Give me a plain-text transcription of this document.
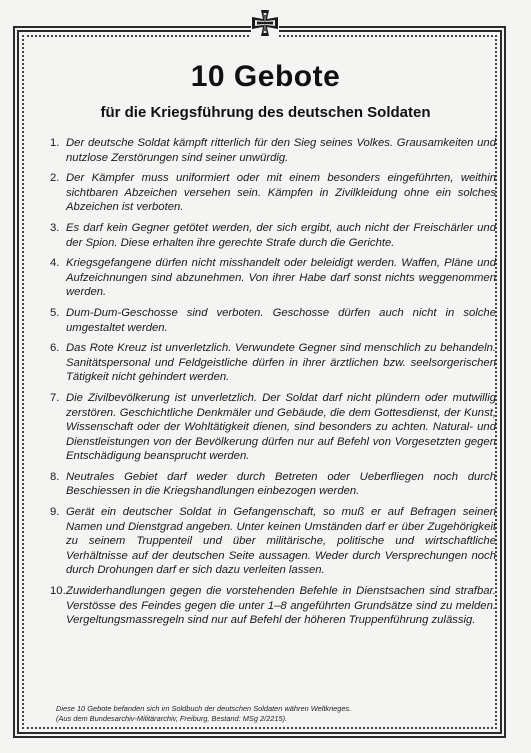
10 Gebote
für die Kriegsführung des deutschen Soldaten
1. Der deutsche Soldat kämpft ritterlich für den Sieg seines Volkes. Grausamkeiten und nutzlose Zerstörungen sind seiner unwürdig.
2. Der Kämpfer muss uniformiert oder mit einem besonders eingeführten, weithin sichtbaren Abzeichen versehen sein. Kämpfen in Zivilkleidung ohne ein solches Abzeichen ist verboten.
3. Es darf kein Gegner getötet werden, der sich ergibt, auch nicht der Freischärler und der Spion. Diese erhalten ihre gerechte Strafe durch die Gerichte.
4. Kriegsgefangene dürfen nicht misshandelt oder beleidigt werden. Waffen, Pläne und Aufzeichnungen sind abzunehmen. Von ihrer Habe darf sonst nichts weggenommen werden.
5. Dum-Dum-Geschosse sind verboten. Geschosse dürfen auch nicht in solche umgestaltet werden.
6. Das Rote Kreuz ist unverletzlich. Verwundete Gegner sind menschlich zu behandeln. Sanitätspersonal und Feldgeistliche dürfen in ihrer ärztlichen bzw. seelsorgerischen Tätigkeit nicht gehindert werden.
7. Die Zivilbevölkerung ist unverletzlich. Der Soldat darf nicht plündern oder mutwillig zerstören. Geschichtliche Denkmäler und Gebäude, die dem Gottesdienst, der Kunst, Wissenschaft oder der Wohltätigkeit dienen, sind besonders zu achten. Natural- und Dienstleistungen von der Bevölkerung dürfen nur auf Befehl von Vorgesetzten gegen Entschädigung beansprucht werden.
8. Neutrales Gebiet darf weder durch Betreten oder Ueberfliegen noch durch Beschiessen in die Kriegshandlungen einbezogen werden.
9. Gerät ein deutscher Soldat in Gefangenschaft, so muß er auf Befragen seinen Namen und Dienstgrad angeben. Unter keinen Umständen darf er über Zugehörigkeit zu seinem Truppenteil und über militärische, politische und wirtschaftliche Verhältnisse auf der deutschen Seite aussagen. Weder durch Versprechungen noch durch Drohungen darf er sich dazu verleiten lassen.
10. Zuwiderhandlungen gegen die vorstehenden Befehle in Dienstsachen sind strafbar. Verstösse des Feindes gegen die unter 1–8 angeführten Grundsätze sind zu melden. Vergeltungsmassregeln sind nur auf Befehl der höheren Truppenführung zulässig.
Diese 10 Gebote befanden sich im Soldbuch der deutschen Soldaten währen Weltkrieges.
(Aus dem Bundesarchiv-Militärarchiv, Freiburg, Bestand: MSg 2/2215).
